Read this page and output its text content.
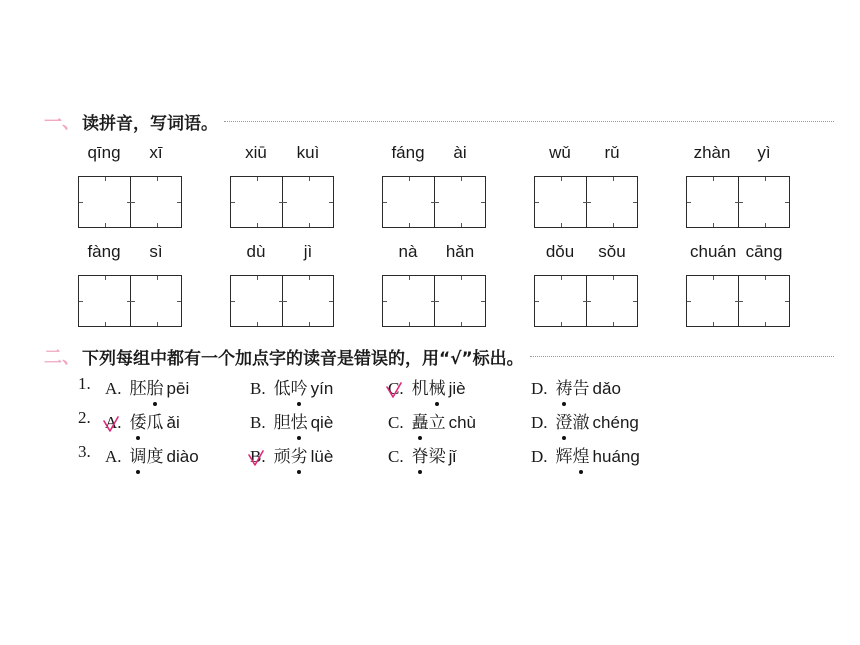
一、 读拼音，写词语。
qīng	xī	xiū	kuì	fáng	ài	wǔ	rǔ	zhàn	yì
fàng	sì	dù	jì	nà	hǎn	dǒu	sǒu	chuán cāng
二、 下列每组中都有一个加点字的读音是错误的，用“√”标出。
1. A. 胚胎 pēi	B. 低吟 yín	C. 机械 jiè	D. 祷告 dǎo
2. A. 倭瓜 ǎi	B. 胆怯 qiè	C. 矗立 chù	D. 澄澈 chéng
3. A. 调度 diào	B. 顽劣 lüè	C. 脊梁 jǐ	D. 辉煌 huáng
